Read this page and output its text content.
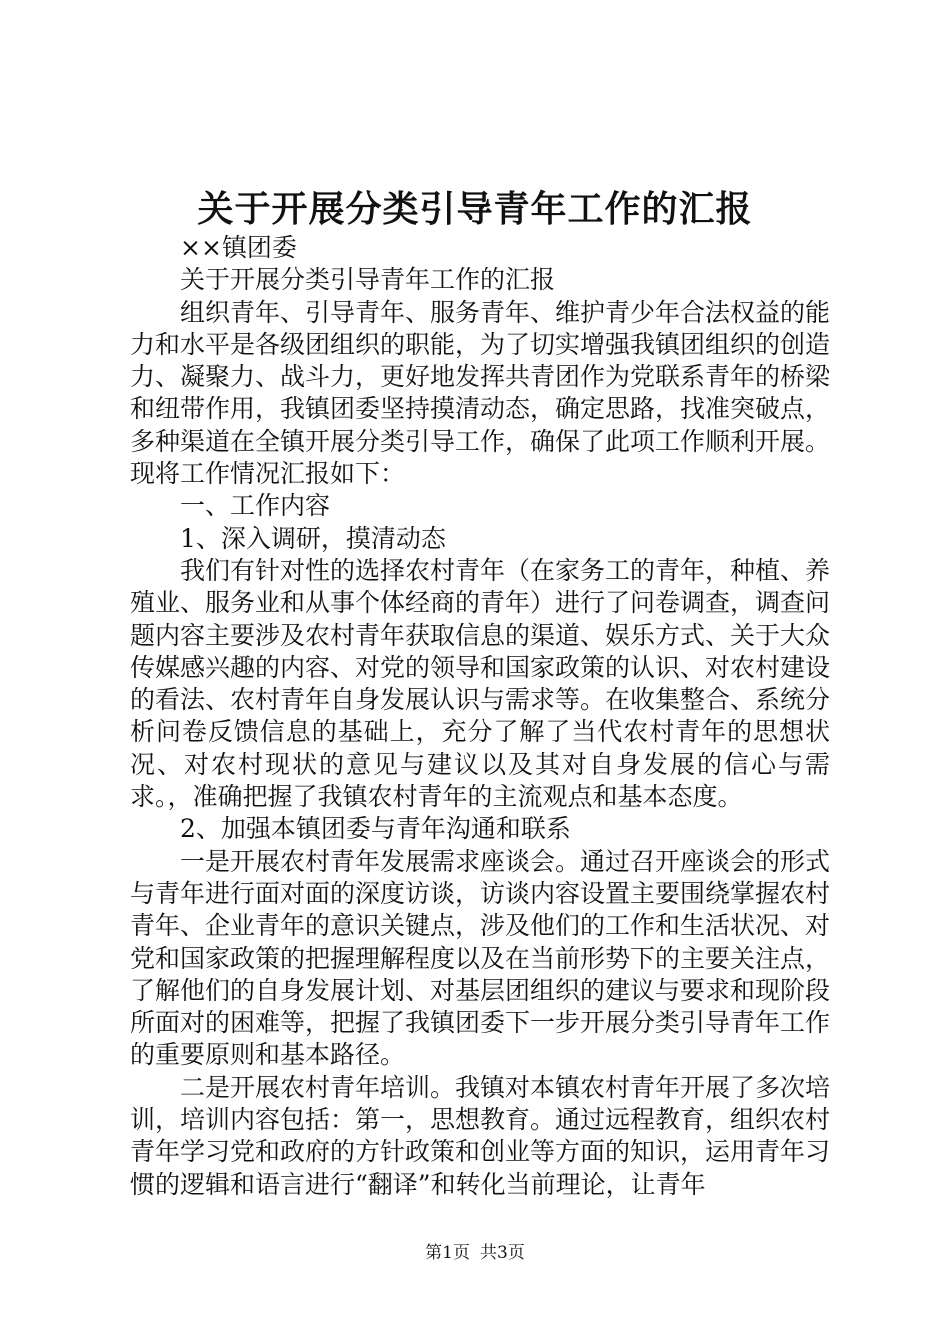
关于开展分类引导青年工作的汇报

××镇团委

关于开展分类引导青年工作的汇报

组织青年、引导青年、服务青年、维护青少年合法权益的能力和水平是各级团组织的职能，为了切实增强我镇团组织的创造力、凝聚力、战斗力，更好地发挥共青团作为党联系青年的桥梁和纽带作用，我镇团委坚持摸清动态，确定思路，找准突破点，多种渠道在全镇开展分类引导工作，确保了此项工作顺利开展。现将工作情况汇报如下：

一、工作内容

1、深入调研，摸清动态

我们有针对性的选择农村青年（在家务工的青年，种植、养殖业、服务业和从事个体经商的青年）进行了问卷调查，调查问题内容主要涉及农村青年获取信息的渠道、娱乐方式、关于大众传媒感兴趣的内容、对党的领导和国家政策的认识、对农村建设的看法、农村青年自身发展认识与需求等。在收集整合、系统分析问卷反馈信息的基础上，充分了解了当代农村青年的思想状况、对农村现状的意见与建议以及其对自身发展的信心与需求。，准确把握了我镇农村青年的主流观点和基本态度。

2、加强本镇团委与青年沟通和联系

一是开展农村青年发展需求座谈会。通过召开座谈会的形式与青年进行面对面的深度访谈，访谈内容设置主要围绕掌握农村青年、企业青年的意识关键点，涉及他们的工作和生活状况、对党和国家政策的把握理解程度以及在当前形势下的主要关注点，了解他们的自身发展计划、对基层团组织的建议与要求和现阶段所面对的困难等，把握了我镇团委下一步开展分类引导青年工作的重要原则和基本路径。

二是开展农村青年培训。我镇对本镇农村青年开展了多次培训，培训内容包括：第一，思想教育。通过远程教育，组织农村青年学习党和政府的方针政策和创业等方面的知识，运用青年习惯的逻辑和语言进行“翻译”和转化当前理论，让青年

第1页 共3页
